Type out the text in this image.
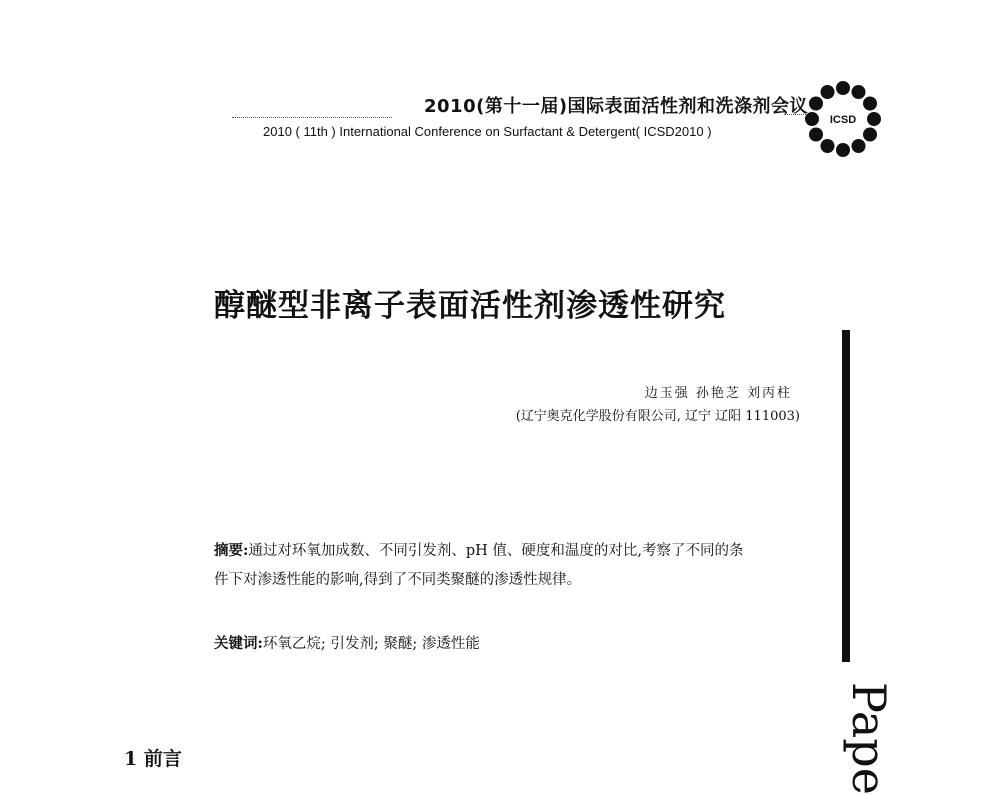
2010(第十一届)国际表面活性剂和洗涤剂会议
2010 ( 11th ) International Conference on Surfactant & Detergent( ICSD2010 )
ICSD
醇醚型非离子表面活性剂渗透性研究
边玉强 孙艳芝 刘丙柱
(辽宁奥克化学股份有限公司, 辽宁 辽阳 111003)
摘要:通过对环氧加成数、不同引发剂、pH 值、硬度和温度的对比,考察了不同的条件下对渗透性能的影响,得到了不同类聚醚的渗透性规律。
关键词:环氧乙烷; 引发剂; 聚醚; 渗透性能
1 前言	Pape
